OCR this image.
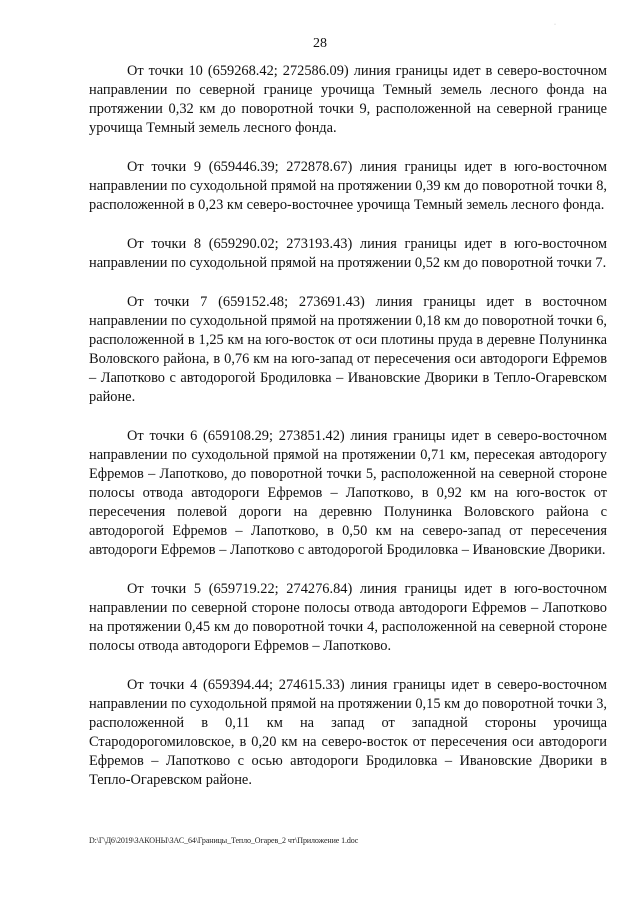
·
28

От точки 10 (659268.42; 272586.09) линия границы идет в северо-восточном направлении по северной границе урочища Темный земель лесного фонда на протяжении 0,32 км до поворотной точки 9, расположенной на северной границе урочища Темный земель лесного фонда.

От точки 9 (659446.39; 272878.67) линия границы идет в юго-восточном направлении по суходольной прямой на протяжении 0,39 км до поворотной точки 8, расположенной в 0,23 км северо-восточнее урочища Темный земель лесного фонда.

От точки 8 (659290.02; 273193.43) линия границы идет в юго-восточном направлении по суходольной прямой на протяжении 0,52 км до поворотной точки 7.

От точки 7 (659152.48; 273691.43) линия границы идет в восточном направлении по суходольной прямой на протяжении 0,18 км до поворотной точки 6, расположенной в 1,25 км на юго-восток от оси плотины пруда в деревне Полунинка Воловского района, в 0,76 км на юго-запад от пересечения оси автодороги Ефремов – Лапотково с автодорогой Бродиловка – Ивановские Дворики в Тепло-Огаревском районе.

От точки 6 (659108.29; 273851.42) линия границы идет в северо-восточном направлении по суходольной прямой на протяжении 0,71 км, пересекая автодорогу Ефремов – Лапотково, до поворотной точки 5, расположенной на северной стороне полосы отвода автодороги Ефремов – Лапотково, в 0,92 км на юго-восток от пересечения полевой дороги на деревню Полунинка Воловского района с автодорогой Ефремов – Лапотково, в 0,50 км на северо-запад от пересечения автодороги Ефремов – Лапотково с автодорогой Бродиловка – Ивановские Дворики.

От точки 5 (659719.22; 274276.84) линия границы идет в юго-восточном направлении по северной стороне полосы отвода автодороги Ефремов – Лапотково на протяжении 0,45 км до поворотной точки 4, расположенной на северной стороне полосы отвода автодороги Ефремов – Лапотково.

От точки 4 (659394.44; 274615.33) линия границы идет в северо-восточном направлении по суходольной прямой на протяжении 0,15 км до поворотной точки 3, расположенной в 0,11 км на запад от западной стороны урочища Стародорогомиловское, в 0,20 км на северо-восток от пересечения оси автодороги Ефремов – Лапотково с осью автодороги Бродиловка – Ивановские Дворики в Тепло-Огаревском районе.

D:\Г\Д6\2019\ЗАКОНЫ\ЗАС_64\Границы_Тепло_Огарев_2 чт\Приложение 1.doc
